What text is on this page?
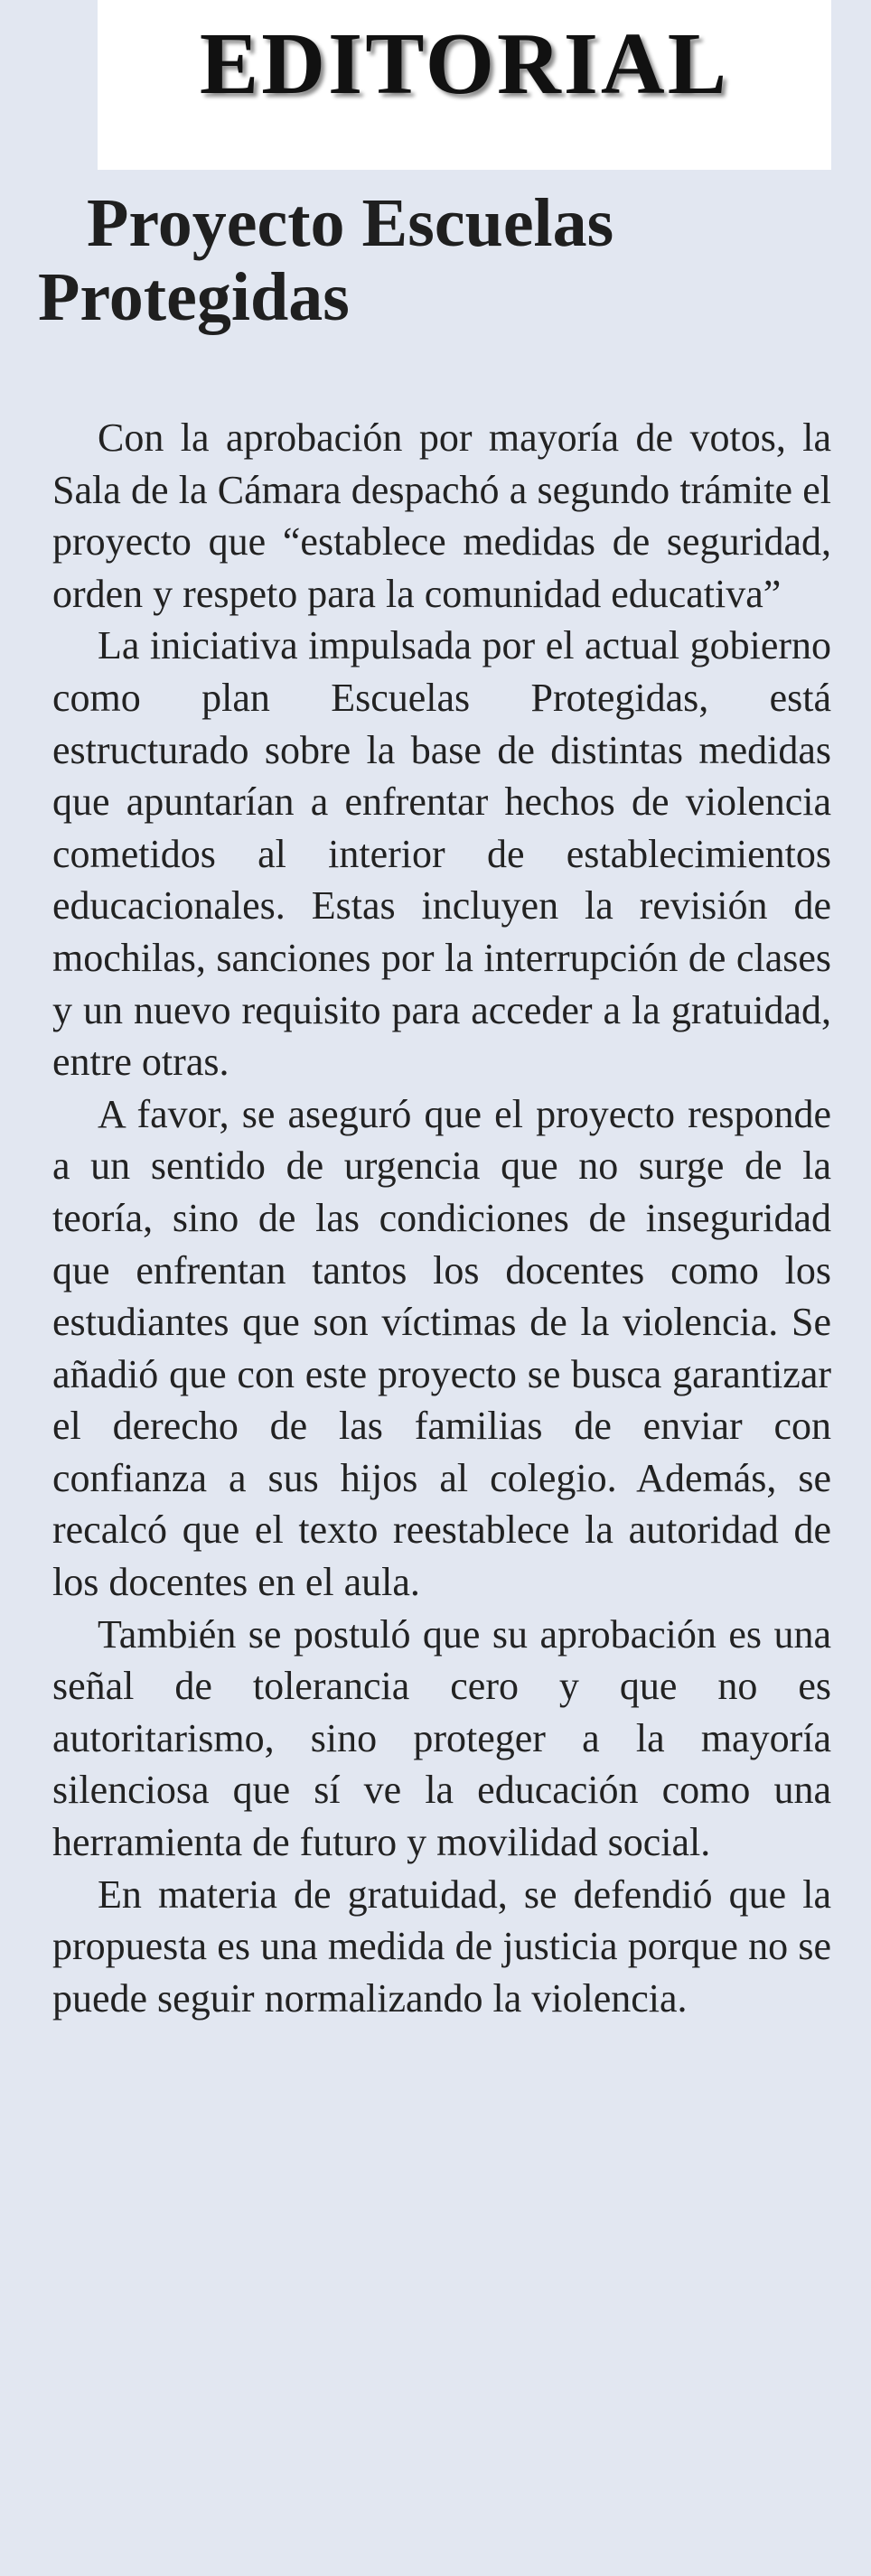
EDITORIAL
Proyecto Escuelas
Protegidas

Con la aprobación por mayoría de votos, la Sala de la Cámara despachó a segundo trámite el proyecto que “establece medidas de seguridad, orden y respeto para la comunidad educativa”

La iniciativa impulsada por el actual gobierno como plan Escuelas Protegidas, está estructurado sobre la base de distintas medidas que apuntarían a enfrentar hechos de violencia cometidos al interior de establecimientos educacionales. Estas incluyen la revisión de mochilas, sanciones por la interrupción de clases y un nuevo requisito para acceder a la gratuidad, entre otras.

A favor, se aseguró que el proyecto responde a un sentido de urgencia que no surge de la teoría, sino de las condiciones de inseguridad que enfrentan tantos los docentes como los estudiantes que son víctimas de la violencia. Se añadió que con este proyecto se busca garantizar el derecho de las familias de enviar con confianza a sus hijos al colegio. Además, se recalcó que el texto reestablece la autoridad de los docentes en el aula.

También se postuló que su aprobación es una señal de tolerancia cero y que no es autoritarismo, sino proteger a la mayoría silenciosa que sí ve la educación como una herramienta de futuro y movilidad social.

En materia de gratuidad, se defendió que la propuesta es una medida de justicia porque no se puede seguir normalizando la violencia.
